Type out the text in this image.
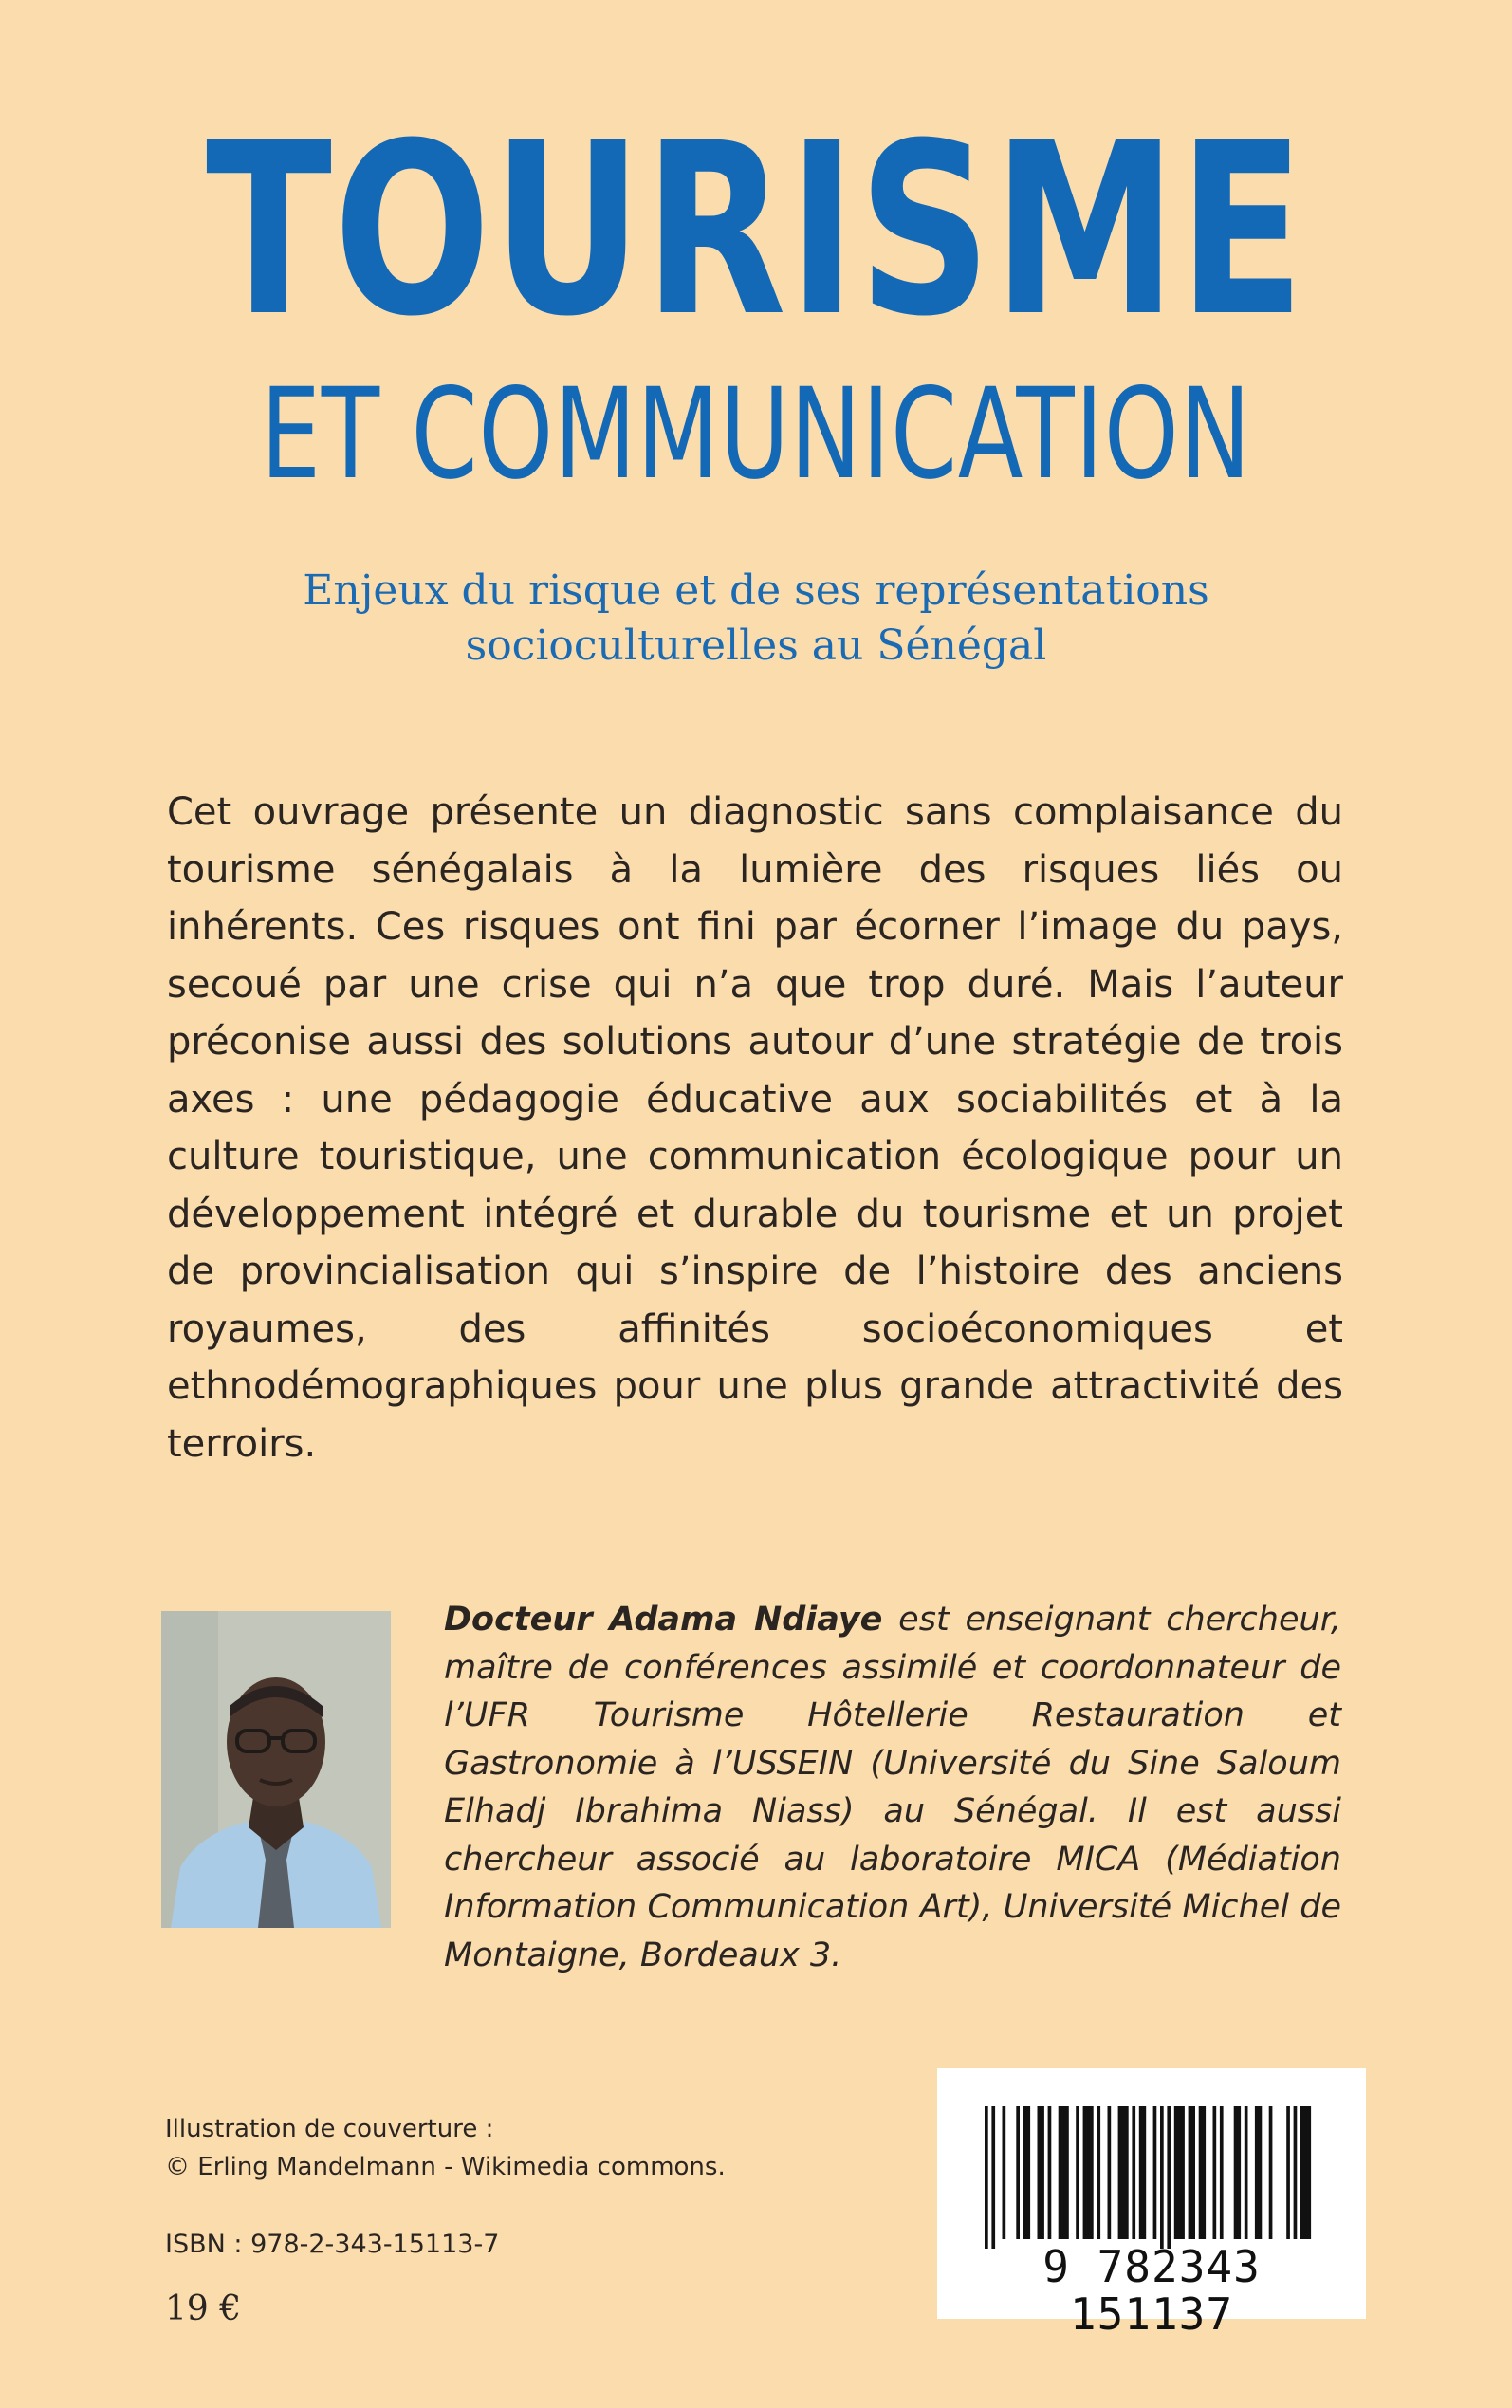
TOURISME
ET COMMUNICATION
Enjeux du risque et de ses représentations
socioculturelles au Sénégal

Cet ouvrage présente un diagnostic sans complaisance du tourisme sénégalais à la lumière des risques liés ou inhérents. Ces risques ont fini par écorner l’image du pays, secoué par une crise qui n’a que trop duré. Mais l’auteur préconise aussi des solutions autour d’une stratégie de trois axes : une pédagogie éducative aux sociabilités et à la culture touristique, une communication écologique pour un développement intégré et durable du tourisme et un projet de provincialisation qui s’inspire de l’histoire des anciens royaumes, des affinités socioéconomiques et ethnodémographiques pour une plus grande attractivité des terroirs.

Docteur Adama Ndiaye est enseignant chercheur, maître de conférences assimilé et coordonnateur de l’UFR Tourisme Hôtellerie Restauration et Gastronomie à l’USSEIN (Université du Sine Saloum Elhadj Ibrahima Niass) au Sénégal. Il est aussi chercheur associé au laboratoire MICA (Médiation Information Communication Art), Université Michel de Montaigne, Bordeaux 3.

Illustration de couverture :
© Erling Mandelmann - Wikimedia commons.
ISBN : 978-2-343-15113-7
19 €
9 782343 151137
